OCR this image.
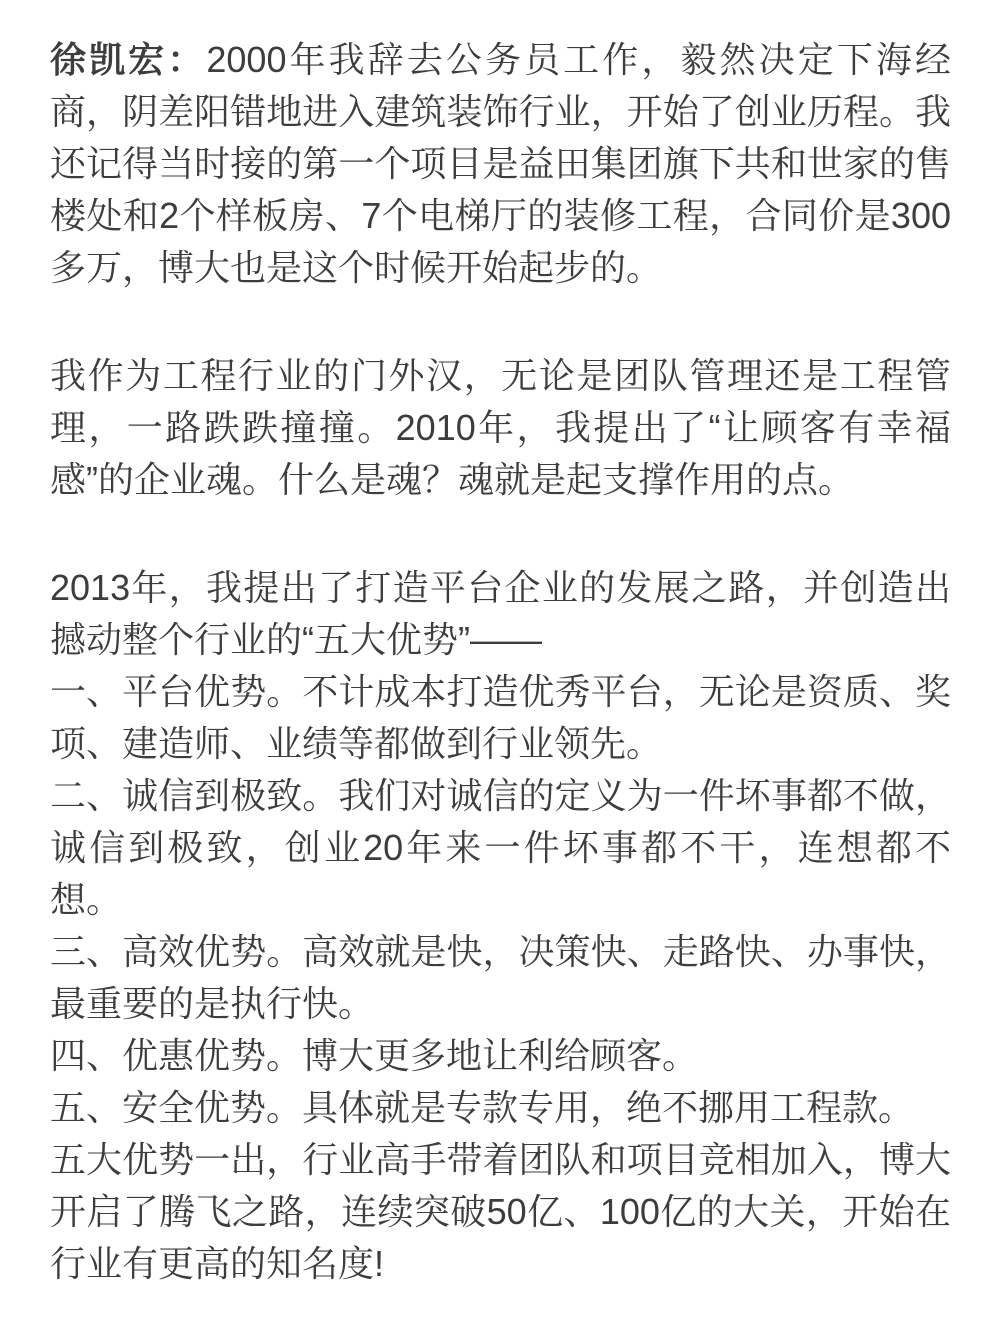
徐凯宏：2000年我辞去公务员工作，毅然决定下海经商，阴差阳错地进入建筑装饰行业，开始了创业历程。我还记得当时接的第一个项目是益田集团旗下共和世家的售楼处和2个样板房、7个电梯厅的装修工程，合同价是300多万，博大也是这个时候开始起步的。

我作为工程行业的门外汉，无论是团队管理还是工程管理，一路跌跌撞撞。2010年，我提出了“让顾客有幸福感”的企业魂。什么是魂？魂就是起支撑作用的点。

2013年，我提出了打造平台企业的发展之路，并创造出撼动整个行业的“五大优势”——

一、平台优势。不计成本打造优秀平台，无论是资质、奖项、建造师、业绩等都做到行业领先。

二、诚信到极致。我们对诚信的定义为一件坏事都不做，诚信到极致，创业20年来一件坏事都不干，连想都不想。

三、高效优势。高效就是快，决策快、走路快、办事快，最重要的是执行快。

四、优惠优势。博大更多地让利给顾客。

五、安全优势。具体就是专款专用，绝不挪用工程款。

五大优势一出，行业高手带着团队和项目竞相加入，博大开启了腾飞之路，连续突破50亿、100亿的大关，开始在行业有更高的知名度!
